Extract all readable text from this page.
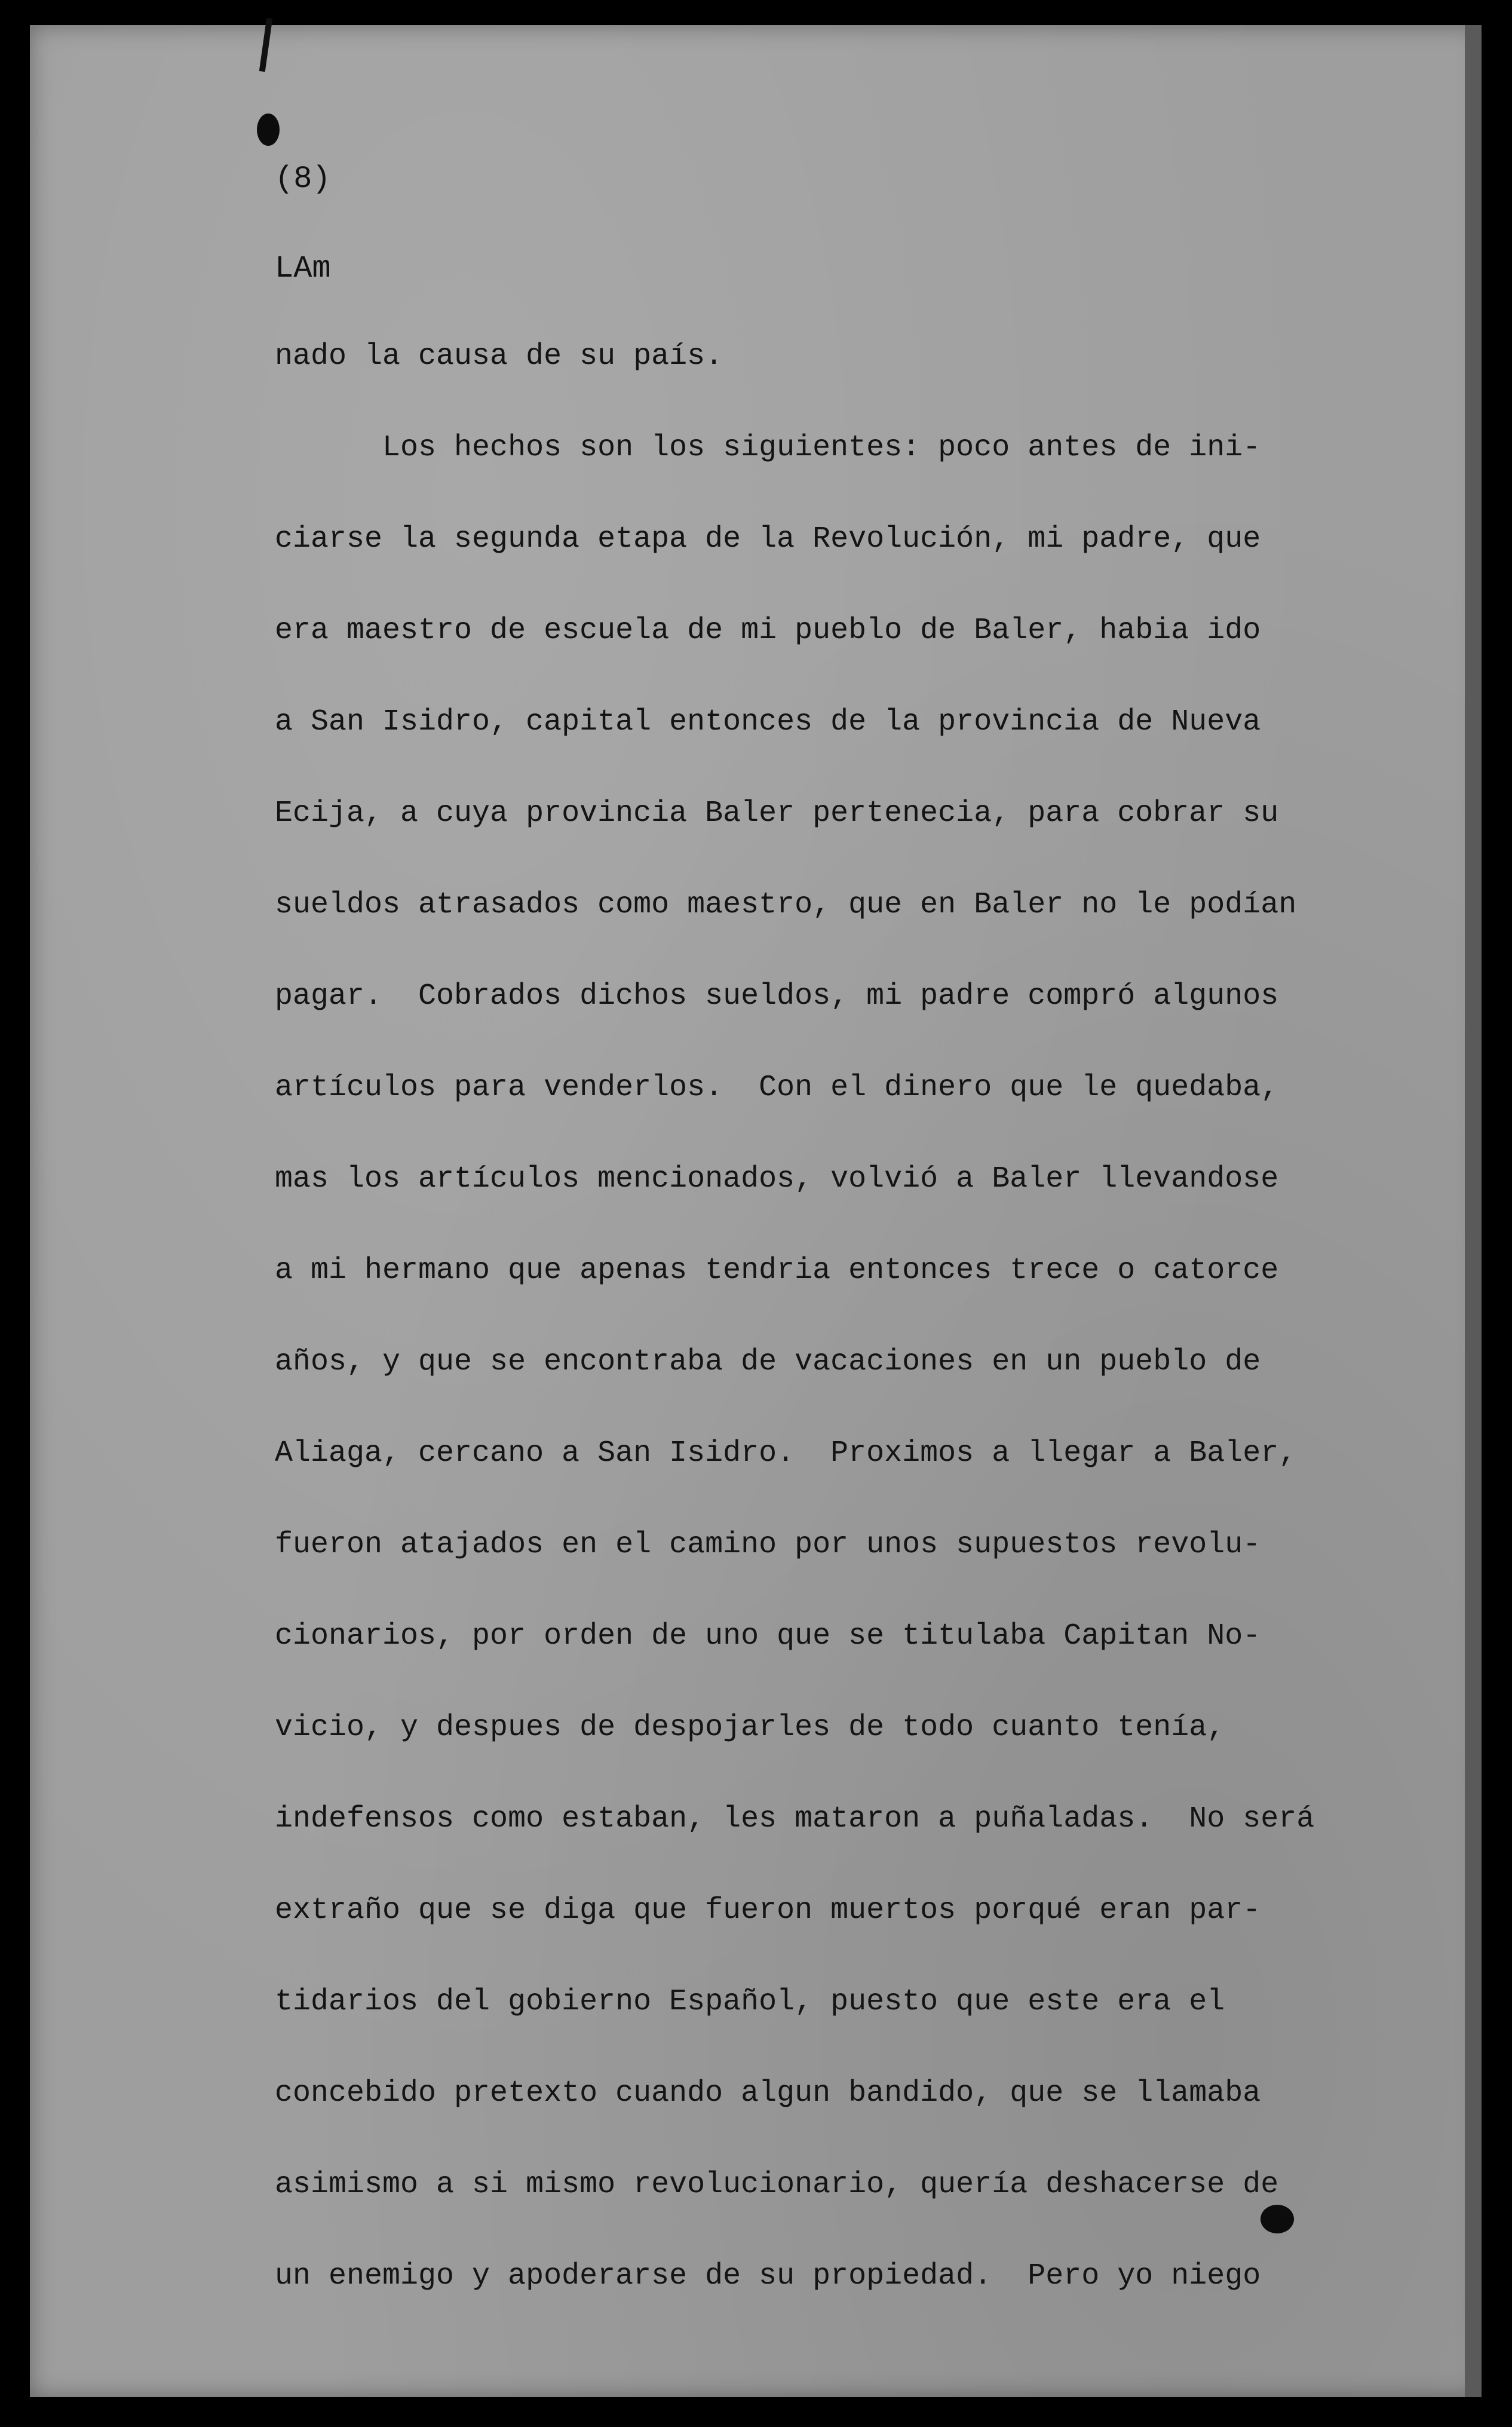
(8)
LAm
nado la causa de su país.
Los hechos son los siguientes: poco antes de ini-
ciarse la segunda etapa de la Revolución, mi padre, que
era maestro de escuela de mi pueblo de Baler, habia ido
a San Isidro, capital entonces de la provincia de Nueva
Ecija, a cuya provincia Baler pertenecia, para cobrar su
sueldos atrasados como maestro, que en Baler no le podían
pagar.  Cobrados dichos sueldos, mi padre compró algunos
artículos para venderlos.  Con el dinero que le quedaba,
mas los artículos mencionados, volvió a Baler llevandose
a mi hermano que apenas tendria entonces trece o catorce
años, y que se encontraba de vacaciones en un pueblo de
Aliaga, cercano a San Isidro.  Proximos a llegar a Baler,
fueron atajados en el camino por unos supuestos revolu-
cionarios, por orden de uno que se titulaba Capitan No-
vicio, y despues de despojarles de todo cuanto tenía,
indefensos como estaban, les mataron a puñaladas.  No será
extraño que se diga que fueron muertos porqué eran par-
tidarios del gobierno Español, puesto que este era el
concebido pretexto cuando algun bandido, que se llamaba
asimismo a si mismo revolucionario, quería deshacerse de
un enemigo y apoderarse de su propiedad.  Pero yo niego
